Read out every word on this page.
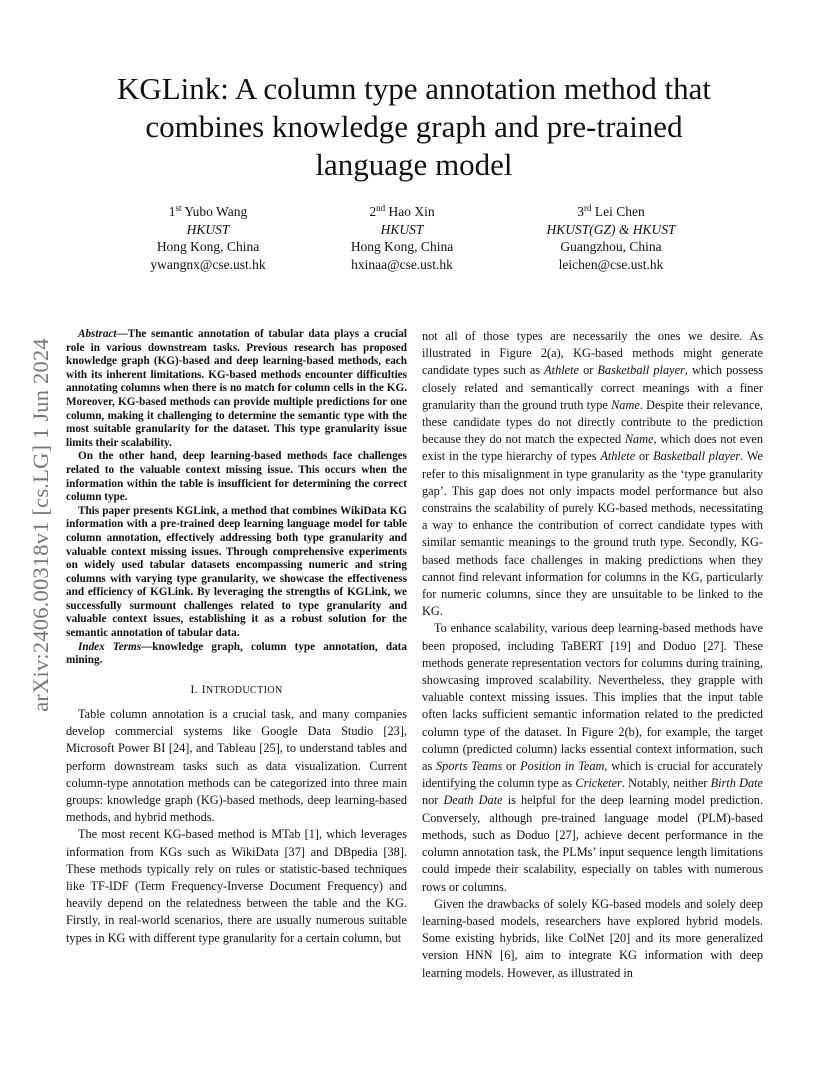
arXiv:2406.00318v1 [cs.LG] 1 Jun 2024
KGLink: A column type annotation method that
combines knowledge graph and pre-trained
language model
1st Yubo Wang
HKUST
Hong Kong, China
ywangnx@cse.ust.hk
2nd Hao Xin
HKUST
Hong Kong, China
hxinaa@cse.ust.hk
3rd Lei Chen
HKUST(GZ) & HKUST
Guangzhou, China
leichen@cse.ust.hk

Abstract—The semantic annotation of tabular data plays a crucial role in various downstream tasks. Previous research has proposed knowledge graph (KG)-based and deep learning-based methods, each with its inherent limitations. KG-based methods encounter difficulties annotating columns when there is no match for column cells in the KG. Moreover, KG-based methods can provide multiple predictions for one column, making it challenging to determine the semantic type with the most suitable granularity for the dataset. This type granularity issue limits their scalability.

On the other hand, deep learning-based methods face challenges related to the valuable context missing issue. This occurs when the information within the table is insufficient for determining the correct column type.

This paper presents KGLink, a method that combines WikiData KG information with a pre-trained deep learning language model for table column annotation, effectively addressing both type granularity and valuable context missing issues. Through comprehensive experiments on widely used tabular datasets encompassing numeric and string columns with varying type granularity, we showcase the effectiveness and efficiency of KGLink. By leveraging the strengths of KGLink, we successfully surmount challenges related to type granularity and valuable context issues, establishing it as a robust solution for the semantic annotation of tabular data.

Index Terms—knowledge graph, column type annotation, data mining.

I. INTRODUCTION

Table column annotation is a crucial task, and many companies develop commercial systems like Google Data Studio [23], Microsoft Power BI [24], and Tableau [25], to understand tables and perform downstream tasks such as data visualization. Current column-type annotation methods can be categorized into three main groups: knowledge graph (KG)-based methods, deep learning-based methods, and hybrid methods.

The most recent KG-based method is MTab [1], which leverages information from KGs such as WikiData [37] and DBpedia [38]. These methods typically rely on rules or statistic-based techniques like TF-IDF (Term Frequency-Inverse Document Frequency) and heavily depend on the relatedness between the table and the KG. Firstly, in real-world scenarios, there are usually numerous suitable types in KG with different type granularity for a certain column, but

not all of those types are necessarily the ones we desire. As illustrated in Figure 2(a), KG-based methods might generate candidate types such as Athlete or Basketball player, which possess closely related and semantically correct meanings with a finer granularity than the ground truth type Name. Despite their relevance, these candidate types do not directly contribute to the prediction because they do not match the expected Name, which does not even exist in the type hierarchy of types Athlete or Basketball player. We refer to this misalignment in type granularity as the ‘type granularity gap’. This gap does not only impacts model performance but also constrains the scalability of purely KG-based methods, necessitating a way to enhance the contribution of correct candidate types with similar semantic meanings to the ground truth type. Secondly, KG-based methods face challenges in making predictions when they cannot find relevant information for columns in the KG, particularly for numeric columns, since they are unsuitable to be linked to the KG.

To enhance scalability, various deep learning-based methods have been proposed, including TaBERT [19] and Doduo [27]. These methods generate representation vectors for columns during training, showcasing improved scalability. Nevertheless, they grapple with valuable context missing issues. This implies that the input table often lacks sufficient semantic information related to the predicted column type of the dataset. In Figure 2(b), for example, the target column (predicted column) lacks essential context information, such as Sports Teams or Position in Team, which is crucial for accurately identifying the column type as Cricketer. Notably, neither Birth Date nor Death Date is helpful for the deep learning model prediction. Conversely, although pre-trained language model (PLM)-based methods, such as Doduo [27], achieve decent performance in the column annotation task, the PLMs’ input sequence length limitations could impede their scalability, especially on tables with numerous rows or columns.

Given the drawbacks of solely KG-based models and solely deep learning-based models, researchers have explored hybrid models. Some existing hybrids, like ColNet [20] and its more generalized version HNN [6], aim to integrate KG information with deep learning models. However, as illustrated in
